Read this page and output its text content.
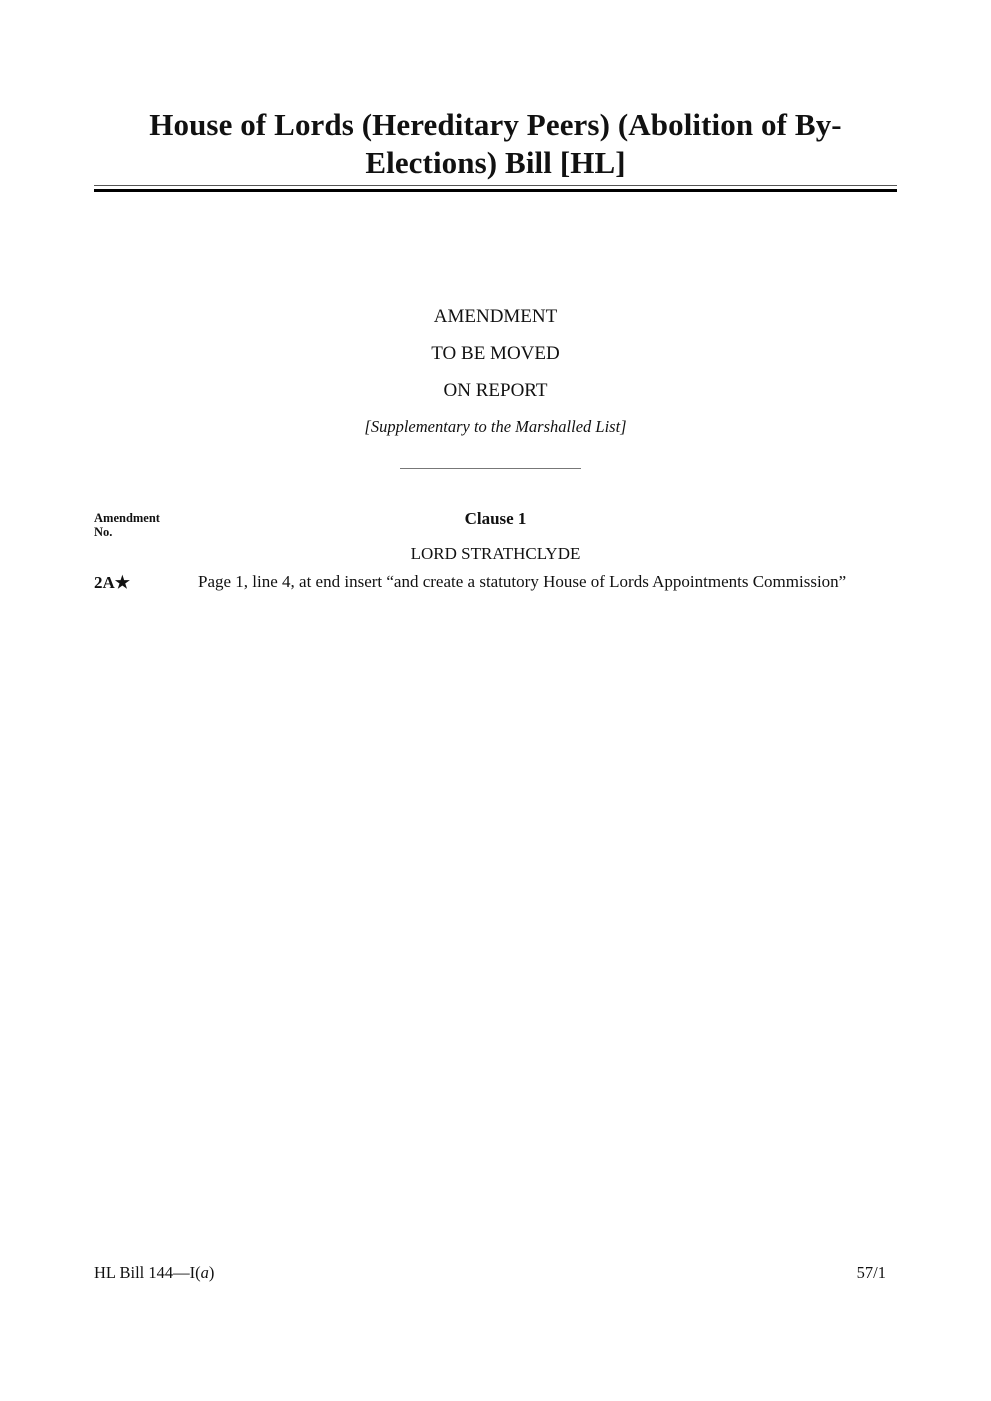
House of Lords (Hereditary Peers) (Abolition of By-Elections) Bill [HL]
AMENDMENT
TO BE MOVED
ON REPORT
[Supplementary to the Marshalled List]
Amendment
No.
Clause 1
LORD STRATHCLYDE
2A★	Page 1, line 4, at end insert “and create a statutory House of Lords Appointments Commission”
HL Bill 144—I(a)	57/1
